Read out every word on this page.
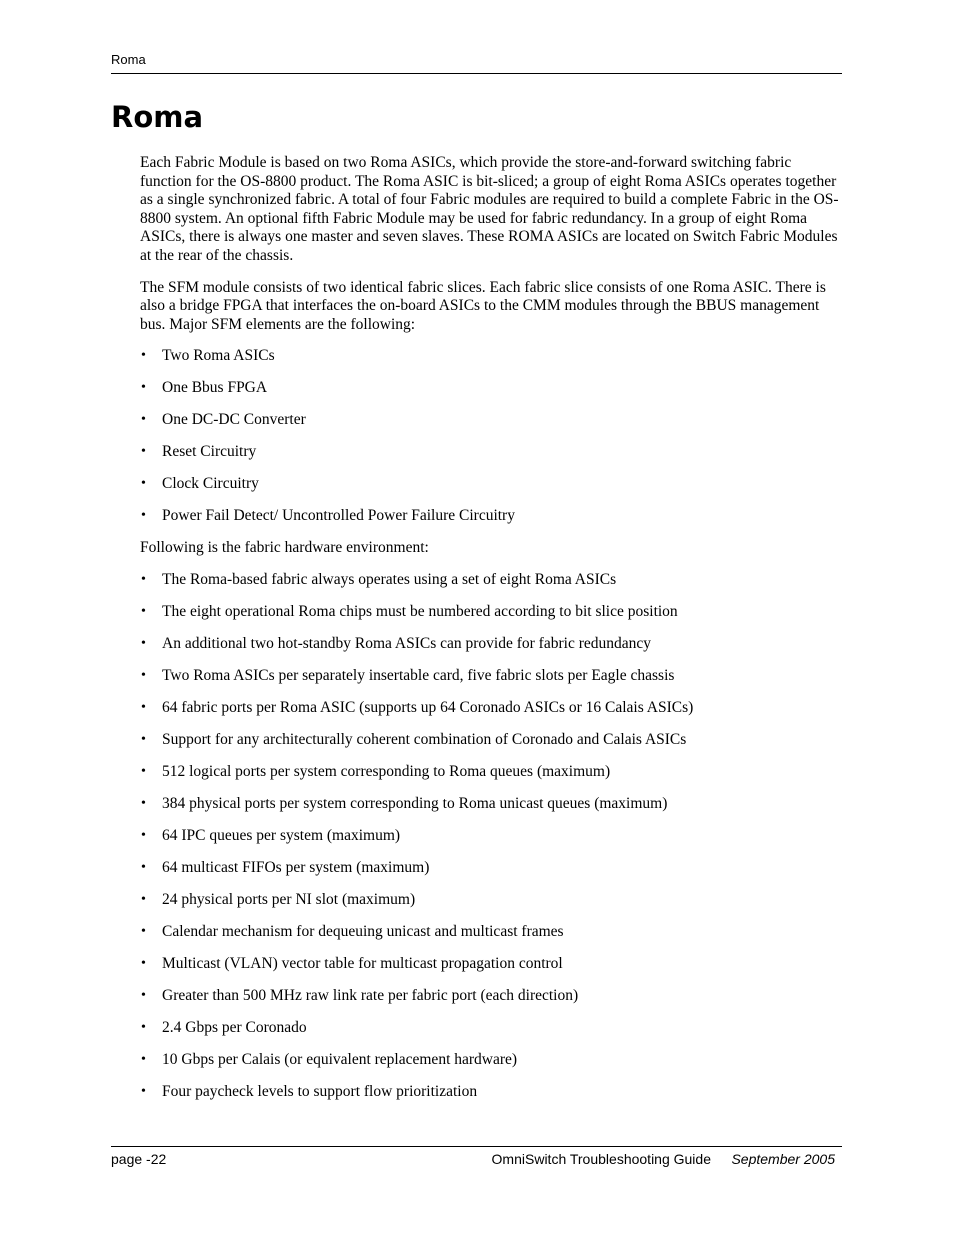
Roma
Roma

Each Fabric Module is based on two Roma ASICs, which provide the store-and-forward switching fabric function for the OS-8800 product. The Roma ASIC is bit-sliced; a group of eight Roma ASICs operates together as a single synchronized fabric. A total of four Fabric modules are required to build a complete Fabric in the OS-8800 system. An optional fifth Fabric Module may be used for fabric redundancy. In a group of eight Roma ASICs, there is always one master and seven slaves. These ROMA ASICs are located on Switch Fabric Modules at the rear of the chassis.

The SFM module consists of two identical fabric slices. Each fabric slice consists of one Roma ASIC. There is also a bridge FPGA that interfaces the on-board ASICs to the CMM modules through the BBUS management bus. Major SFM elements are the following:

• Two Roma ASICs
• One Bbus FPGA
• One DC-DC Converter
• Reset Circuitry
• Clock Circuitry
• Power Fail Detect/ Uncontrolled Power Failure Circuitry

Following is the fabric hardware environment:

• The Roma-based fabric always operates using a set of eight Roma ASICs
• The eight operational Roma chips must be numbered according to bit slice position
• An additional two hot-standby Roma ASICs can provide for fabric redundancy
• Two Roma ASICs per separately insertable card, five fabric slots per Eagle chassis
• 64 fabric ports per Roma ASIC (supports up 64 Coronado ASICs or 16 Calais ASICs)
• Support for any architecturally coherent combination of Coronado and Calais ASICs
• 512 logical ports per system corresponding to Roma queues (maximum)
• 384 physical ports per system corresponding to Roma unicast queues (maximum)
• 64 IPC queues per system (maximum)
• 64 multicast FIFOs per system (maximum)
• 24 physical ports per NI slot (maximum)
• Calendar mechanism for dequeuing unicast and multicast frames
• Multicast (VLAN) vector table for multicast propagation control
• Greater than 500 MHz raw link rate per fabric port (each direction)
• 2.4 Gbps per Coronado
• 10 Gbps per Calais (or equivalent replacement hardware)
• Four paycheck levels to support flow prioritization
page -22	OmniSwitch Troubleshooting Guide September 2005
